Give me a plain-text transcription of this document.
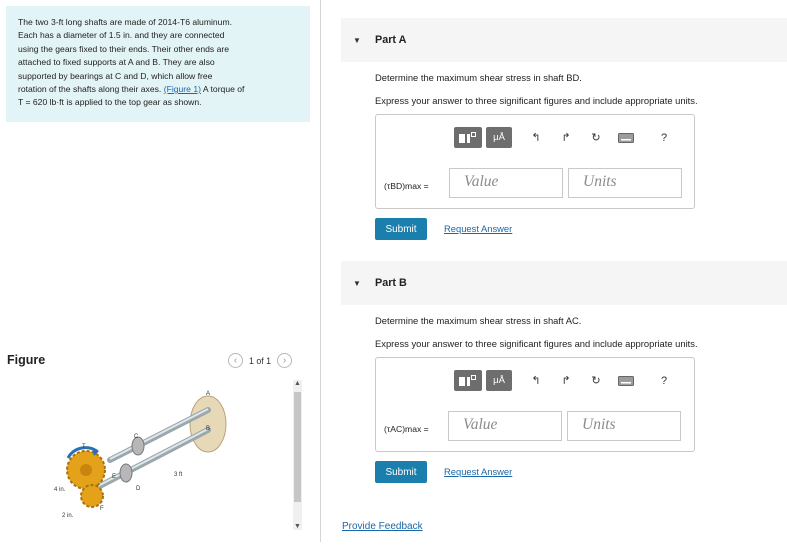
The two 3-ft long shafts are made of 2014-T6 aluminum.
Each has a diameter of 1.5 in. and they are connected
using the gears fixed to their ends. Their other ends are
attached to fixed supports at A and B. They are also
supported by bearings at C and D, which allow free
rotation of the shafts along their axes. (Figure 1) A torque of
T = 620 lb·ft is applied to the top gear as shown.
Figure	‹	1 of 1	›
T
A
B
C
D
E
F
3 ft
4 in.
2 in.
▲
▼
▼ Part A
Determine the maximum shear stress in shaft BD.
Express your answer to three significant figures and include appropriate units.
μÅ	↰	↱	↻	?
(τBD)max =	Value	Units
Submit	Request Answer
▼ Part B
Determine the maximum shear stress in shaft AC.
Express your answer to three significant figures and include appropriate units.
μÅ	↰	↱	↻	?
(τAC)max =	Value	Units
Submit	Request Answer
Provide Feedback
